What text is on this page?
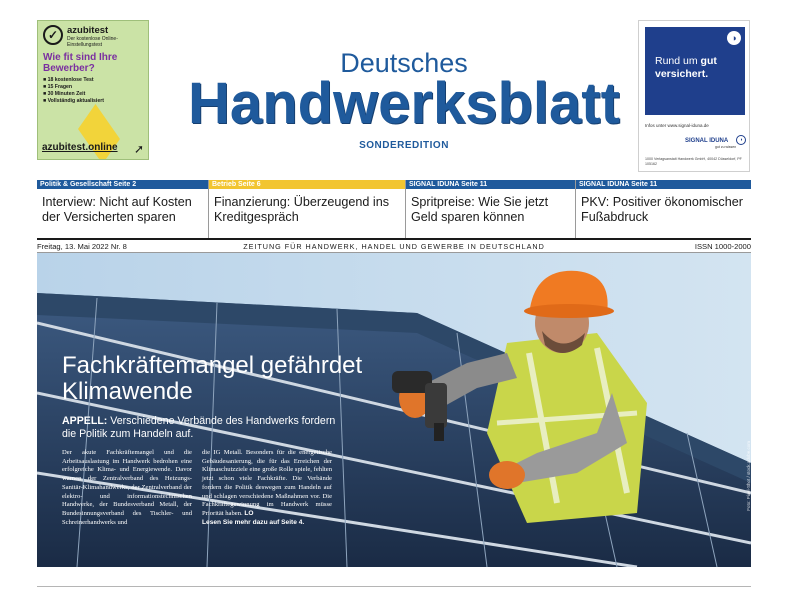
✓ azubitest
Der kostenlose Online-Einstellungstest
Wie fit sind Ihre Bewerber?
■ 18 kostenlose Test
■ 15 Fragen
■ 30 Minuten Zeit
■ Vollständig aktualisiert
azubitest.online ➚
Deutsches
Handwerksblatt
SONDEREDITION
◑
Rund um gut
versichert.
Infos unter www.signal-iduna.de
SIGNAL IDUNA	◑
gut zu wissen
1000 Verlagsanstalt Handwerk GmbH, 40042 Düsseldorf, PF 105162
Politik & Gesellschaft Seite 2
Interview: Nicht auf Kosten der Versicherten sparen
Betrieb Seite 6
Finanzierung: Überzeugend ins Kreditgespräch
SIGNAL IDUNA Seite 11
Spritpreise: Wie Sie jetzt Geld sparen können
SIGNAL IDUNA Seite 11
PKV: Positiver ökonomischer Fußabdruck
Freitag, 13. Mai 2022 Nr. 8	ZEITUNG FÜR HANDWERK, HANDEL UND GEWERBE IN DEUTSCHLAND	ISSN 1000-2000
Fachkräftemangel gefährdet Klimawende
APPELL: Verschiedene Verbände des Handwerks fordern die Politik zum Handeln auf.
Der akute Fachkräftemangel und die Arbeitsauslastung im Handwerk bedrohen eine erfolgreiche Klima- und Energiewende. Davor warnen der Zentralverband des Heizungs-Sanitär-Klimahandwerks, der Zentralverband der elektro- und informationstechnischen Handwerke, der Bundesverband Metall, der Bundesinnungsverband des Tischler- und Schreinerhandwerks und
die IG Metall. Besonders für die energetische Gebäudesanierung, die für das Erreichen der Klimaschutzziele eine große Rolle spiele, fehlten jetzt schon viele Fachkräfte. Die Verbände fordern die Politik deswegen zum Handeln auf und schlagen verschiedene Maßnahmen vor. Die Fachkräftegewinnung im Handwerk müsse Priorität haben. LO
Lesen Sie mehr dazu auf Seite 4.
Foto: Pixel-Shot / stock.adobe.com
